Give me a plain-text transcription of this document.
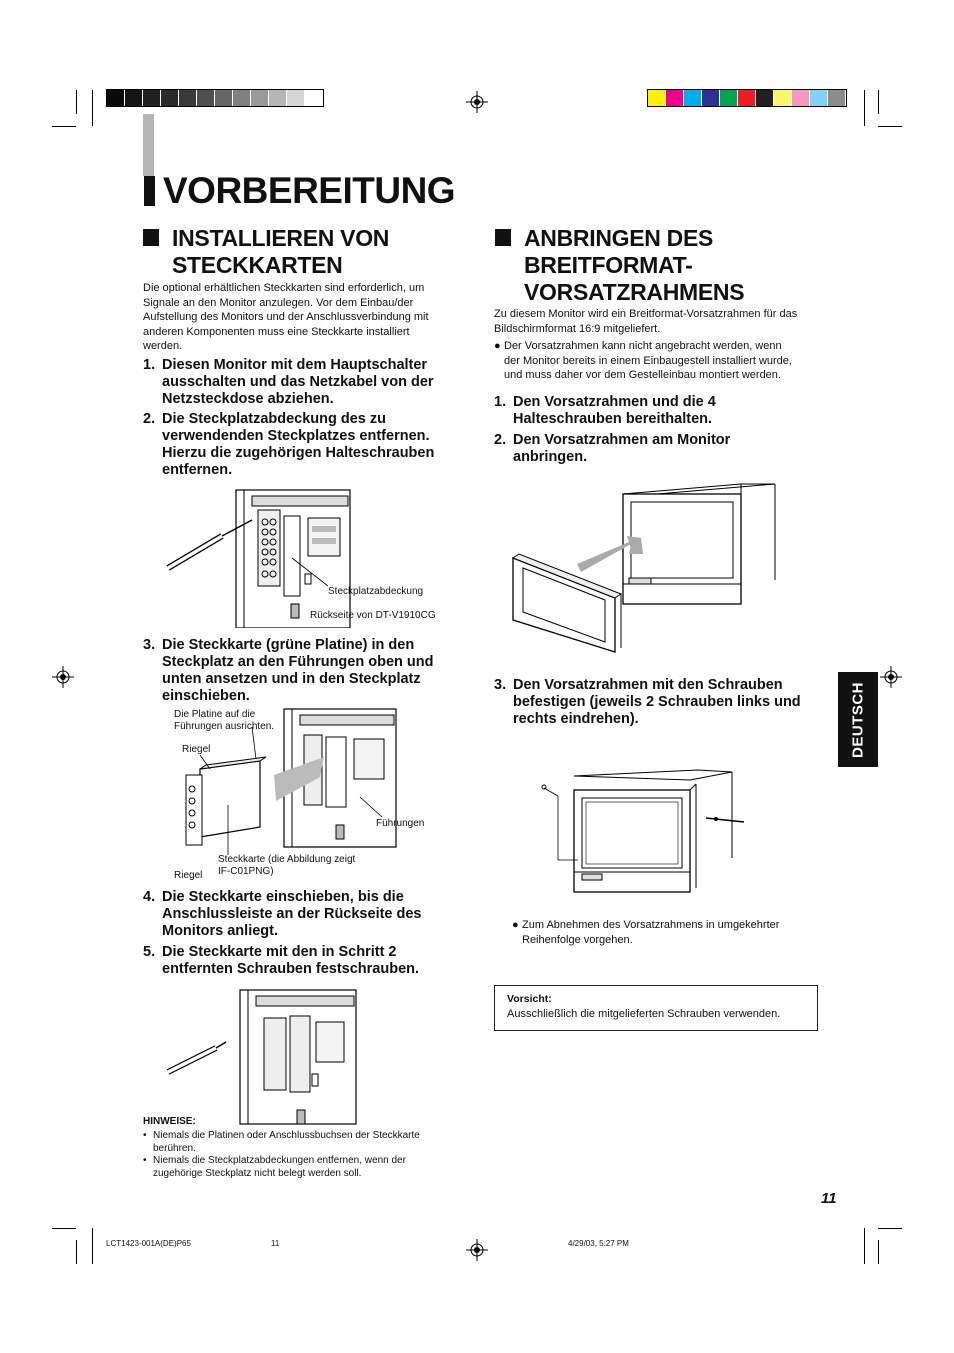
VORBEREITUNG
INSTALLIEREN VON
STECKKARTEN
Die optional erhältlichen Steckkarten sind erforderlich, um
Signale an den Monitor anzulegen. Vor dem Einbau/der
Aufstellung des Monitors und der Anschlussverbindung mit
anderen Komponenten muss eine Steckkarte installiert
werden.
1. Diesen Monitor mit dem Hauptschalter
ausschalten und das Netzkabel von der
Netzsteckdose abziehen.
2. Die Steckplatzabdeckung des zu
verwendenden Steckplatzes entfernen.
Hierzu die zugehörigen Halteschrauben
entfernen.
Steckplatzabdeckung
Rückseite von DT-V1910CG
3. Die Steckkarte (grüne Platine) in den
Steckplatz an den Führungen oben und
unten ansetzen und in den Steckplatz
einschieben.
Die Platine auf die
Führungen ausrichten.
Riegel
Führungen
Steckkarte (die Abbildung zeigt
IF-C01PNG)
Riegel
4. Die Steckkarte einschieben, bis die
Anschlussleiste an der Rückseite des
Monitors anliegt.
5. Die Steckkarte mit den in Schritt 2
entfernten Schrauben festschrauben.
HINWEISE:
• Niemals die Platinen oder Anschlussbuchsen der Steckkarte
berühren.
• Niemals die Steckplatzabdeckungen entfernen, wenn der
zugehörige Steckplatz nicht belegt werden soll.
ANBRINGEN DES
BREITFORMAT-
VORSATZRAHMENS
Zu diesem Monitor wird ein Breitformat-Vorsatzrahmen für das
Bildschirmformat 16:9 mitgeliefert.
● Der Vorsatzrahmen kann nicht angebracht werden, wenn
der Monitor bereits in einem Einbaugestell installiert wurde,
und muss daher vor dem Gestelleinbau montiert werden.
1. Den Vorsatzrahmen und die 4
Halteschrauben bereithalten.
2. Den Vorsatzrahmen am Monitor
anbringen.
3. Den Vorsatzrahmen mit den Schrauben
befestigen (jeweils 2 Schrauben links und
rechts eindrehen).
● Zum Abnehmen des Vorsatzrahmens in umgekehrter
Reihenfolge vorgehen.
Vorsicht:
Ausschließlich die mitgelieferten Schrauben verwenden.
DEUTSCH
11
LCT1423-001A(DE)P65	11	4/29/03, 5:27 PM
